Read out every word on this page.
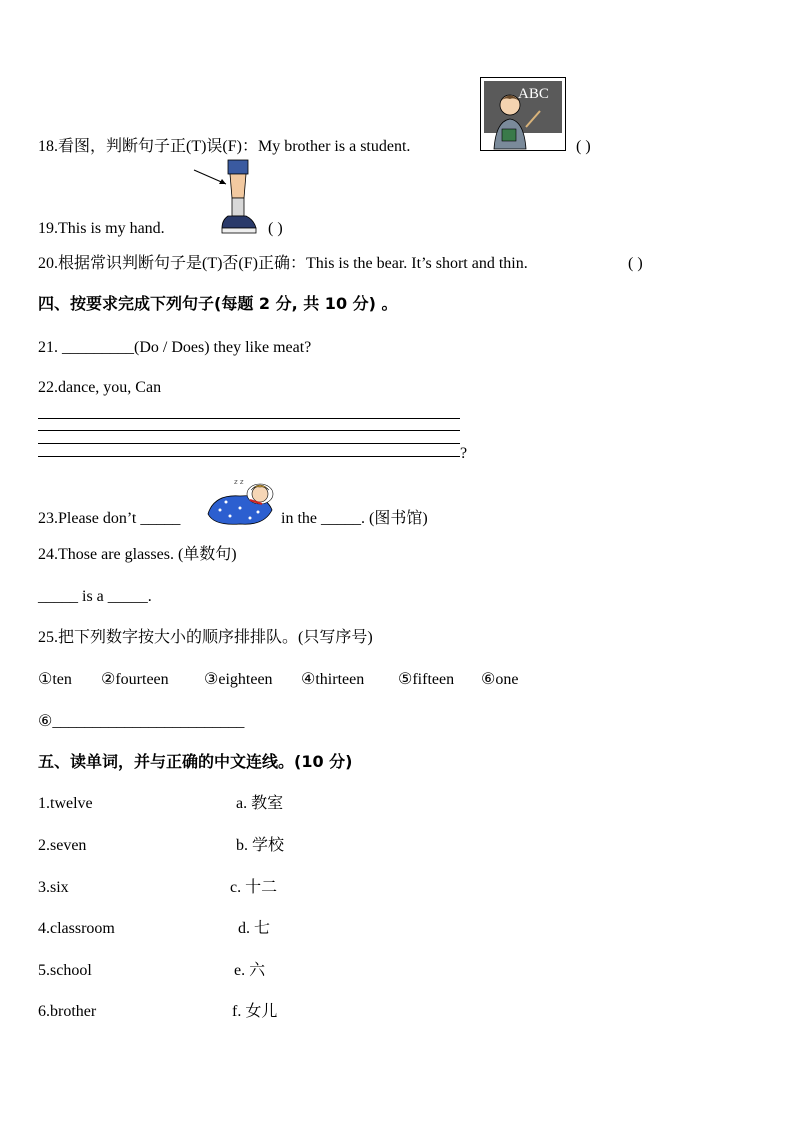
18.看图，判断句子正(T)误(F)：My brother is a student.
ABC
( )
19.This is my hand.	( )
20.根据常识判断句子是(T)否(F)正确：This is the bear. It’s short and thin.	( )
四、按要求完成下列句子(每题 2 分, 共 10 分) 。
21. _________(Do / Does) they like meat?
22.dance, you, Can
?
23.Please don’t _____
z z
in the _____. (图书馆)
24.Those are glasses. (单数句)
_____ is a _____.
25.把下列数字按大小的顺序排排队。(只写序号)
①ten ②fourteen ③eighteen ④thirteen ⑤fifteen ⑥one
⑥________________________
五、读单词，并与正确的中文连线。(10 分)
1.twelve
2.seven
3.six
4.classroom
5.school
6.brother
a. 教室
b. 学校
c. 十二
d. 七
e. 六
f. 女儿
